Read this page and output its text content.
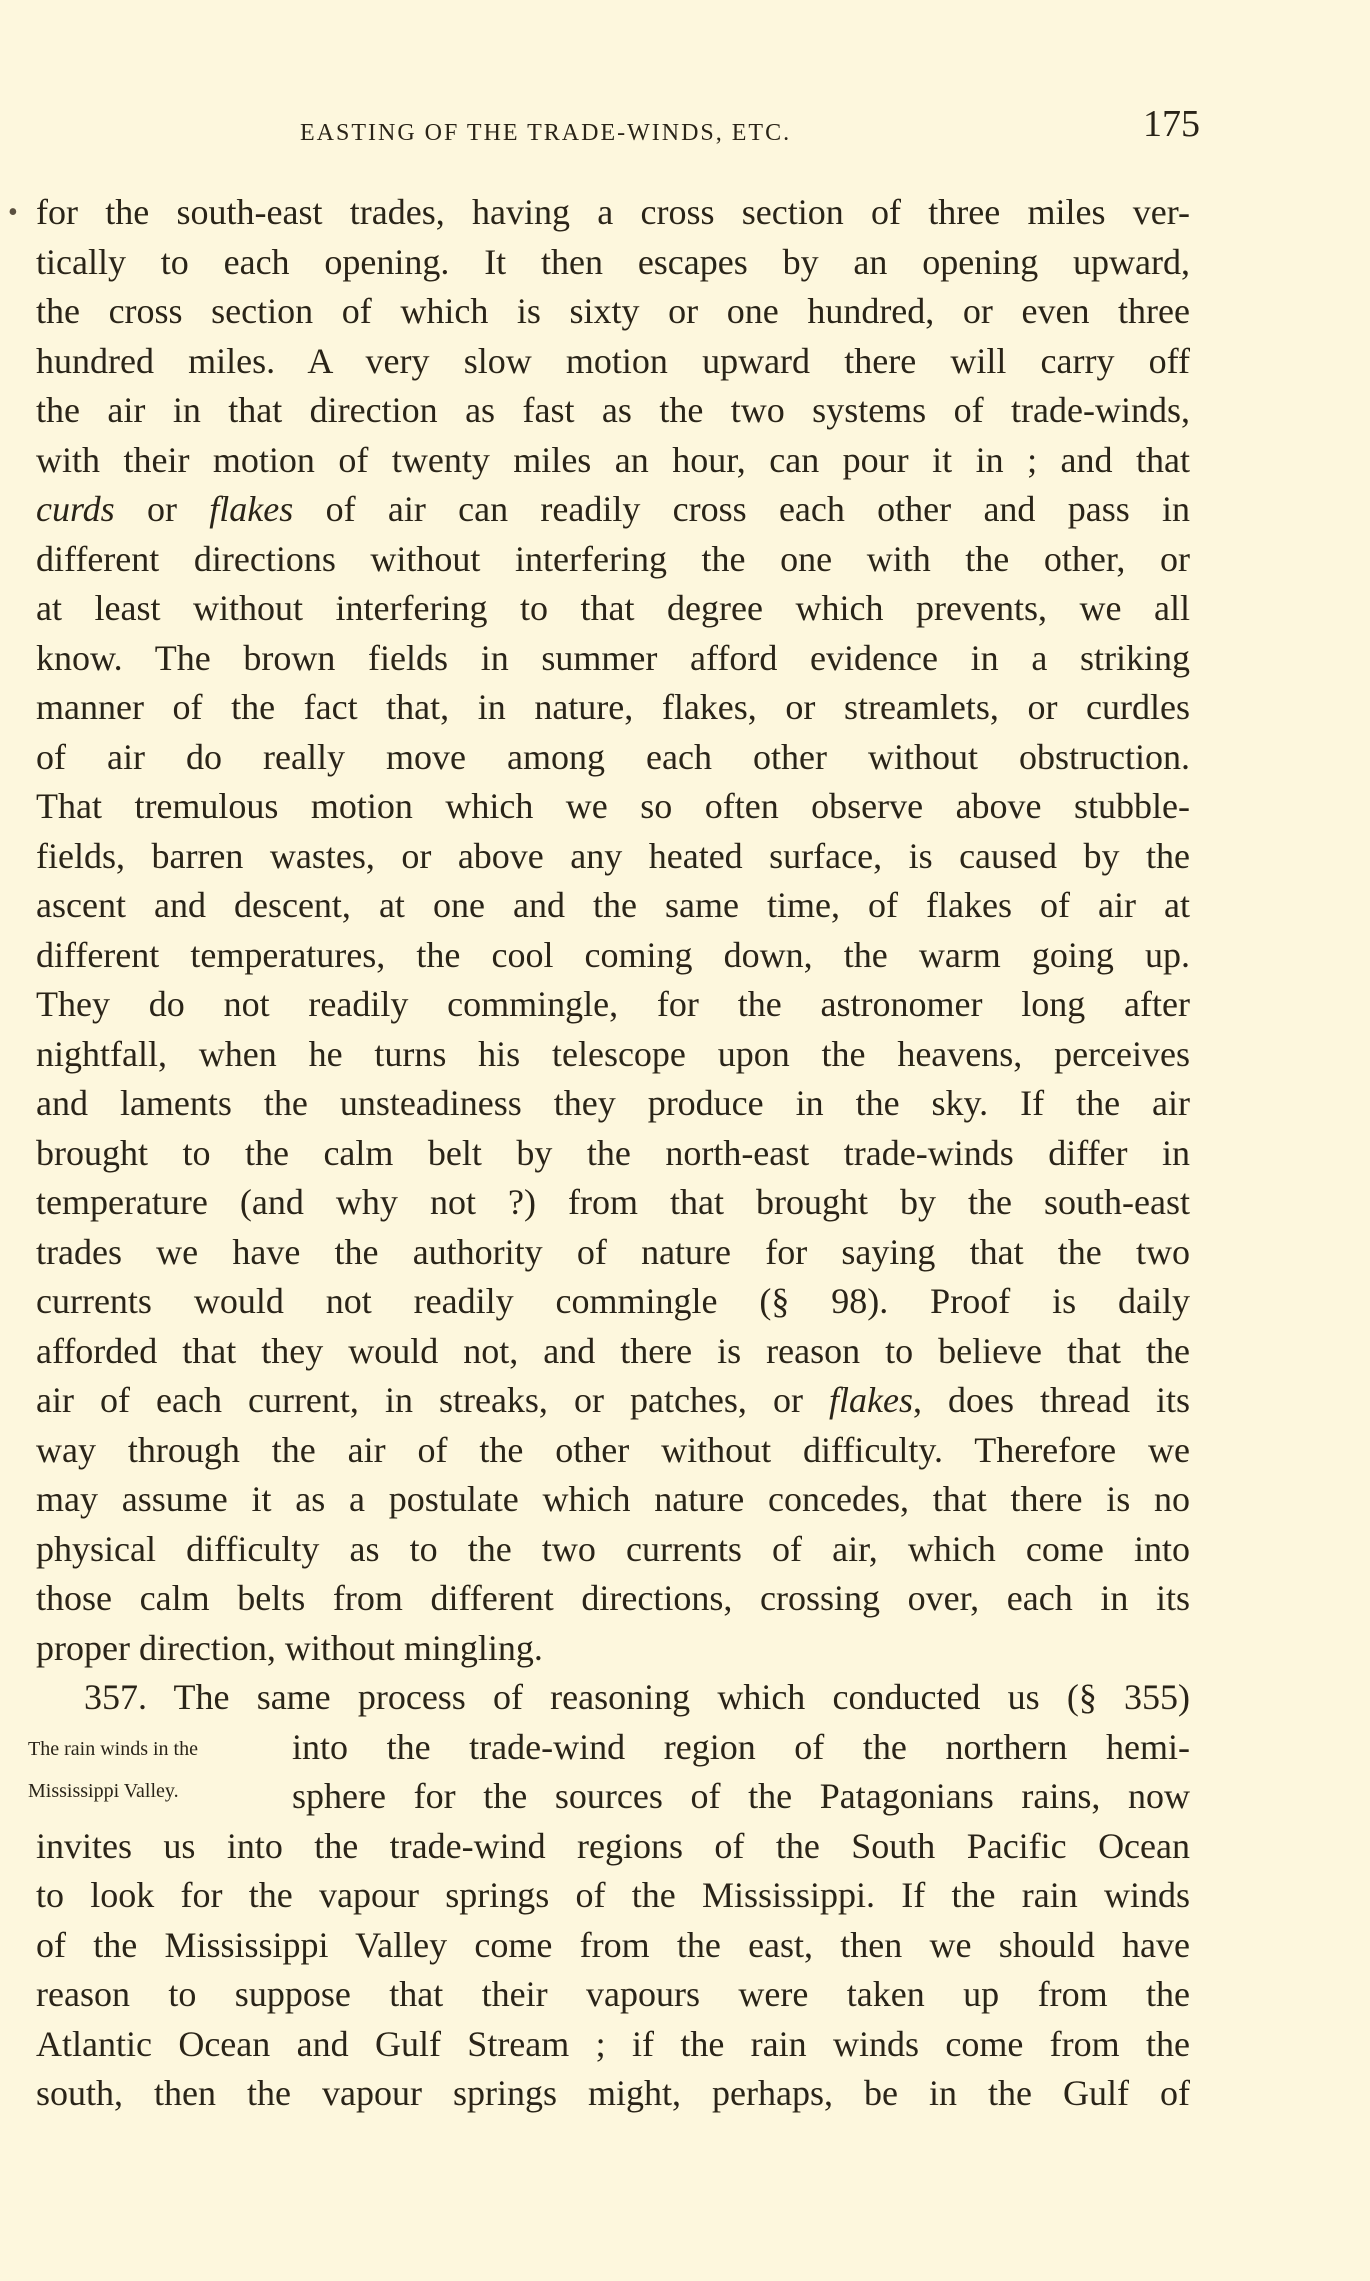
EASTING OF THE TRADE-WINDS, ETC.	175
The rain winds in the
Mississippi Valley.
• for the south-east trades, having a cross section of three miles ver-
tically to each opening. It then escapes by an opening upward,
the cross section of which is sixty or one hundred, or even three
hundred miles. A very slow motion upward there will carry off
the air in that direction as fast as the two systems of trade-winds,
with their motion of twenty miles an hour, can pour it in ; and that
curds or flakes of air can readily cross each other and pass in
different directions without interfering the one with the other, or
at least without interfering to that degree which prevents, we all
know. The brown fields in summer afford evidence in a striking
manner of the fact that, in nature, flakes, or streamlets, or curdles
of air do really move among each other without obstruction.
That tremulous motion which we so often observe above stubble-
fields, barren wastes, or above any heated surface, is caused by the
ascent and descent, at one and the same time, of flakes of air at
different temperatures, the cool coming down, the warm going up.
They do not readily commingle, for the astronomer long after
nightfall, when he turns his telescope upon the heavens, perceives
and laments the unsteadiness they produce in the sky. If the air
brought to the calm belt by the north-east trade-winds differ in
temperature (and why not ?) from that brought by the south-east
trades we have the authority of nature for saying that the two
currents would not readily commingle (§ 98). Proof is daily
afforded that they would not, and there is reason to believe that the
air of each current, in streaks, or patches, or flakes, does thread its
way through the air of the other without difficulty. Therefore we
may assume it as a postulate which nature concedes, that there is no
physical difficulty as to the two currents of air, which come into
those calm belts from different directions, crossing over, each in its
proper direction, without mingling.
357. The same process of reasoning which conducted us (§ 355)
into the trade-wind region of the northern hemi-
sphere for the sources of the Patagonians rains, now
invites us into the trade-wind regions of the South Pacific Ocean
to look for the vapour springs of the Mississippi. If the rain winds
of the Mississippi Valley come from the east, then we should have
reason to suppose that their vapours were taken up from the
Atlantic Ocean and Gulf Stream ; if the rain winds come from the
south, then the vapour springs might, perhaps, be in the Gulf of
